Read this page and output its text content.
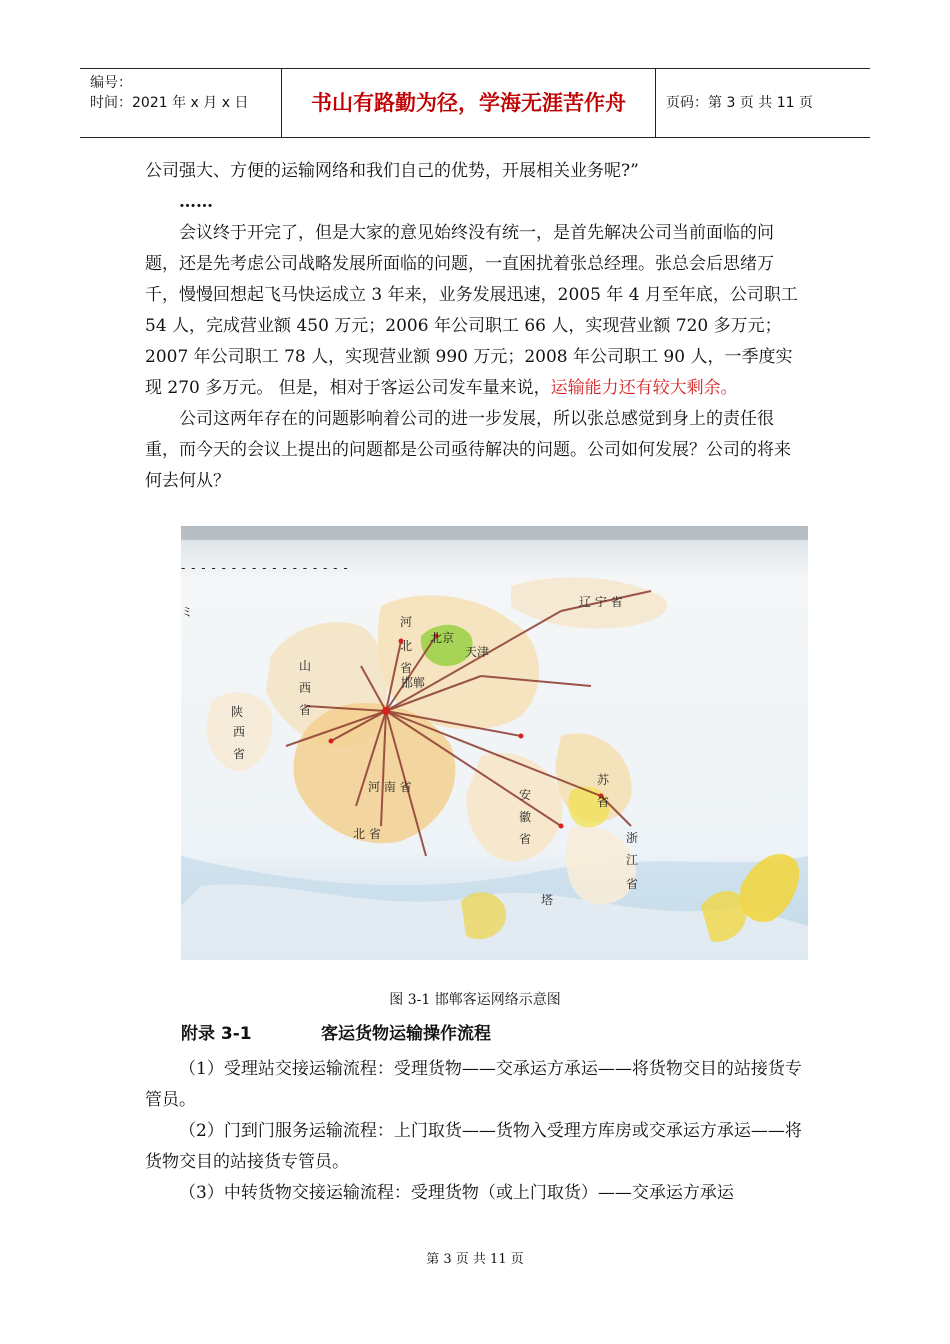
编号：
时间：2021 年 x 月 x 日	书山有路勤为径，学海无涯苦作舟	页码：第 3 页 共 11 页

公司强大、方便的运输网络和我们自己的优势，开展相关业务呢?”

……

会议终于开完了，但是大家的意见始终没有统一，是首先解决公司当前面临的问题，还是先考虑公司战略发展所面临的问题，一直困扰着张总经理。张总会后思绪万千，慢慢回想起飞马快运成立 3 年来，业务发展迅速，2005 年 4 月至年底，公司职工 54 人，完成营业额 450 万元；2006 年公司职工 66 人，实现营业额 720 多万元；2007 年公司职工 78 人，实现营业额 990 万元；2008 年公司职工 90 人，一季度实现 270 多万元。 但是，相对于客运公司发车量来说，运输能力还有较大剩余。

公司这两年存在的问题影响着公司的进一步发展，所以张总感觉到身上的责任很重，而今天的会议上提出的问题都是公司亟待解决的问题。公司如何发展？公司的将来何去何从？

- - - - - - - - - - - - - - - - -
ミ
辽 宁 省
北京
天津
河
北
省
山
西
省
陕
西
省
邯郸
河 南 省
安
徽
省
苏
省
浙
江
省
北 省
塔
图 3-1 邯郸客运网络示意图
附录 3-1	客运货物运输操作流程

（1）受理站交接运输流程：受理货物——交承运方承运——将货物交目的站接货专管员。

（2）门到门服务运输流程：上门取货——货物入受理方库房或交承运方承运——将货物交目的站接货专管员。

（3）中转货物交接运输流程：受理货物（或上门取货）——交承运方承运

第 3 页 共 11 页
